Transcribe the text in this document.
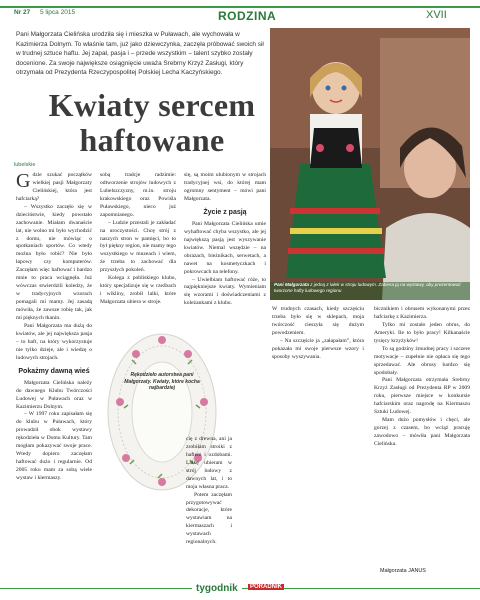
Nr 27 5 lipca 2015	RODZINA	XVII

Pani Małgorzata Cielińska urodziła się i mieszka w Puławach, ale wychowała w Kazimierza Dolnym. To właśnie tam, już jako dziewczynka, zaczęła próbować swoich sił w trudnej sztuce haftu. Jej zapał, pasja i – przede wszystkim – talent szybko zostały docenione. Za swoje największe osiągnięcie uważa Srebrny Krzyż Zasługi, który otrzymała od Prezydenta Rzeczypospolitej Polskiej Lecha Kaczyńskiego.

Pani Małgorzata z jedną z lalek w stroju ludowym. Zabiera ją na wystawy, aby prezentować tworzone hafty ludowego regionu
Kwiaty sercem haftowane
lubelskie

Gdzie szukać początków wielkiej pasji Małgorzaty Cielińskiej, która jest hafciarką?

– Wszystko zaczęło się w dzieciństwie, kiedy powstało zachowanie. Miałam dwanaście lat, nie wolno mi było wychodzić z domu, nie mówiąc o spotkaniach sportów. Co wtedy można było robić? Nie było łapowy czy komputerów. Zaczęłam więc haftować i bardzo mnie to praca wciągnęła. Już wówczas stwierdzili koledzy, że w tradycyjnych wzorach pomagali mi mamy. Jej zasadą mówiła, że zawsze robię tak, jak mi pięknych tkanin.

Pani Małgorzata ma dużą do kwiatów, ale jej największa pasja – to haft, na który wykorzystuje nie tylko dzieje, ale i wiedzę o ludowych strojach.

Pokażmy dawną wieś

Małgorzata Cielińska należy do dawnego Klubu Twórczości Ludowej w Puławach oraz w Kazimierzu Dolnym.

– W 1997 roku zapisałam się do klubu w Puławach, który prowadził obok wystawy rękodzieła w Domu Kultury. Tam mogłam pokazywać swoje prace. Wtedy dopiero zaczęłam haftować dużo i regularnie. Od 2005 roku mam za sobą wiele wystaw i kiermaszy.

sobą tradcje radzimie: odtworzenie strojów ludowych z Lubelszczyzny, m.in. stroju krakowskiego oraz Powiśla Puławskiego, nieco już zapomnianego.

– Ludzie przestali je zakładać na uroczystości. Chcę strój z naszych stron w pamięci, bo to był piękny region, nie mamy tego wszystkiego w muzeach i wiem, że trzeba to zachować dla przyszłych pokoleń.

Kolega z pobliskiego klubu, który specjalizuje się w rzeźbach i wikliny, zrobił lalki, które Małgorzata ubiera w stroje.

się, są moim ulubionym w strojach tradycyjnej wsi, do której mam ogromny sentyment – mówi pani Małgorzata.

Życie z pasją

Pani Małgorzata Cielińska umie wyhaftować chyba wszystko, ale jej największą pasją jest wyszywanie kwiatów. Niemal wszędzie – na obrazach, bieżnikach, serwetach, a nawet na kosmetyczkach i pokrowcach na telefony.

– Uwielbiam haftować róże, to najpiękniejsze kwiaty. Wymieniam się wzorami i doświadczeniami z koleżankami z klubu.

Rękodzieło autorstwa pani Małgorzaty. Kwiaty, które kocha najbardziej

cię z drewna, ani ja zrobiłam stroiki z haftem i ozdobami. Lalkę ubieram w strój ludowy z dawnych lat, i to moja własna praca.

Potem zaczęłam przygotowywać dekoracje, które wystawiam na kiermaszach i wystawach regionalnych.

W trudnych czasach, kiedy szczęściu trzeba było się w sklepach, moja twórczość cieszyła się dużym powodzeniem.

– Na szczęście ja „załapałam”, która pokazała mi swoje pierwsze wzory i sposoby wyszywania.

bicznikiem i obrusem wykonanymi przez hafciarkę z Kazimierza.

Tylko mi zostało jeden obrus, do Ameryki. Ile to było pracy! Kilkanaście tysięcy krzyżyków!

To są godziny żmudnej pracy i szczere motywacje – zupełnie nie opłaca się tego sprzedawać. Ale obrusy bardzo się spodobały.

Pani Małgorzata otrzymała Srebrny Krzyż Zasługi od Prezydenta RP w 2009 roku, pierwsze miejsce w konkursie hafciarskim oraz nagrodę na Kiermaszu Sztuki Ludowej.

Mam dużo pomysłów i chęci, ale gorzej z czasem, bo wciąż pracuję zawodowo – mówiła pani Małgorzata Cielińska.

Małgorzata JANUS
tygodnik	PORADNIK
